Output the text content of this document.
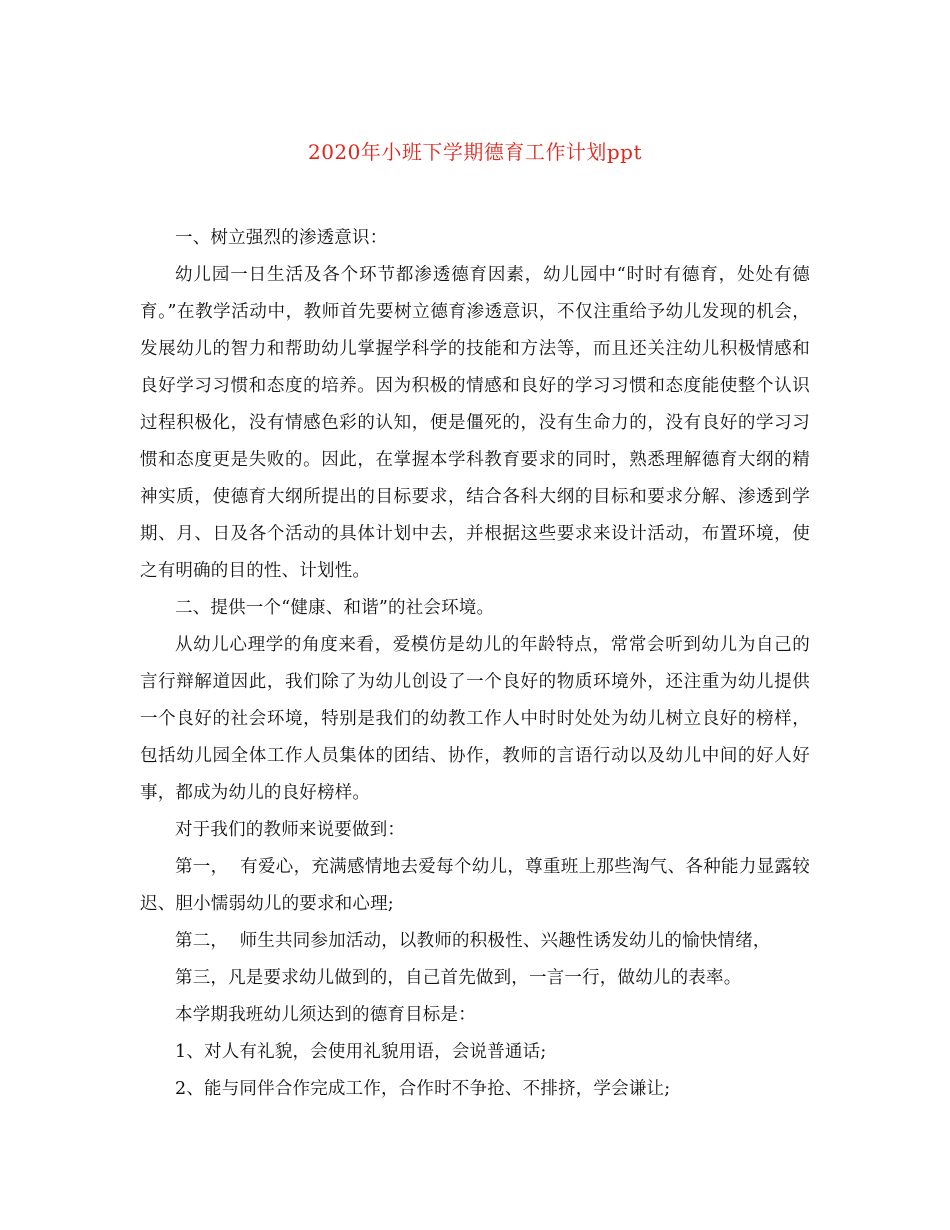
2020年小班下学期德育工作计划ppt

一、树立强烈的渗透意识：

幼儿园一日生活及各个环节都渗透德育因素，幼儿园中“时时有德育，处处有德育。”在教学活动中，教师首先要树立德育渗透意识，不仅注重给予幼儿发现的机会，发展幼儿的智力和帮助幼儿掌握学科学的技能和方法等，而且还关注幼儿积极情感和良好学习习惯和态度的培养。因为积极的情感和良好的学习习惯和态度能使整个认识过程积极化，没有情感色彩的认知，便是僵死的，没有生命力的，没有良好的学习习惯和态度更是失败的。因此，在掌握本学科教育要求的同时，熟悉理解德育大纲的精神实质，使德育大纲所提出的目标要求，结合各科大纲的目标和要求分解、渗透到学期、月、日及各个活动的具体计划中去，并根据这些要求来设计活动，布置环境，使之有明确的目的性、计划性。

二、提供一个“健康、和谐”的社会环境。

从幼儿心理学的角度来看，爱模仿是幼儿的年龄特点，常常会听到幼儿为自己的言行辩解道因此，我们除了为幼儿创设了一个良好的物质环境外，还注重为幼儿提供一个良好的社会环境，特别是我们的幼教工作人中时时处处为幼儿树立良好的榜样，包括幼儿园全体工作人员集体的团结、协作，教师的言语行动以及幼儿中间的好人好事，都成为幼儿的良好榜样。

对于我们的教师来说要做到：

第一，  有爱心，充满感情地去爱每个幼儿，尊重班上那些淘气、各种能力显露较迟、胆小懦弱幼儿的要求和心理;

第二，  师生共同参加活动，以教师的积极性、兴趣性诱发幼儿的愉快情绪，

第三，凡是要求幼儿做到的，自己首先做到，一言一行，做幼儿的表率。

本学期我班幼儿须达到的德育目标是：

1、对人有礼貌，会使用礼貌用语，会说普通话;

2、能与同伴合作完成工作，合作时不争抢、不排挤，学会谦让;
